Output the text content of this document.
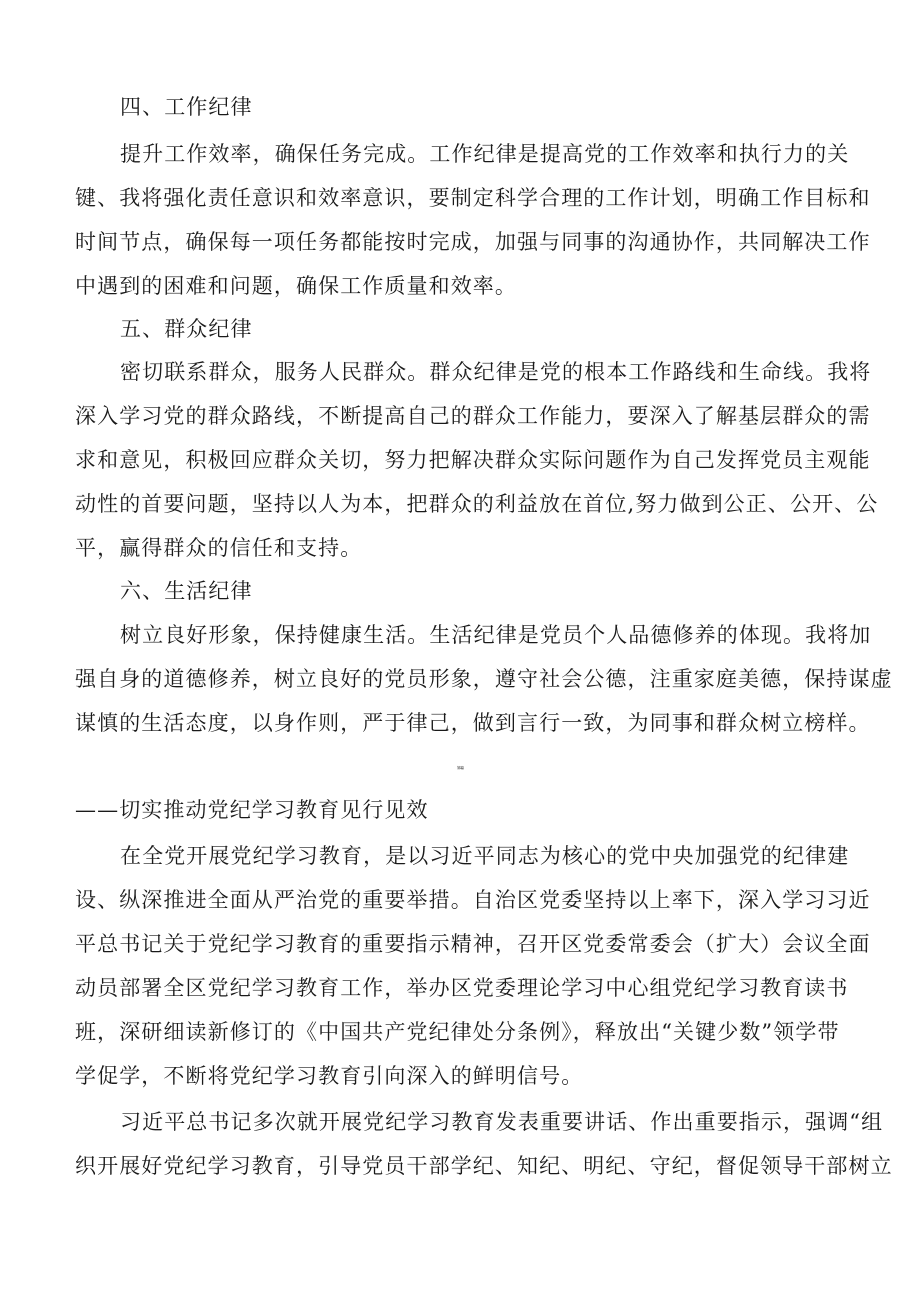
四、工作纪律
提升工作效率，确保任务完成。工作纪律是提高党的工作效率和执行力的关
键、我将强化责任意识和效率意识，要制定科学合理的工作计划，明确工作目标和
时间节点，确保每一项任务都能按时完成，加强与同事的沟通协作，共同解决工作
中遇到的困难和问题，确保工作质量和效率。
五、群众纪律
密切联系群众，服务人民群众。群众纪律是党的根本工作路线和生命线。我将
深入学习党的群众路线，不断提高自己的群众工作能力，要深入了解基层群众的需
求和意见，积极回应群众关切，努力把解决群众实际问题作为自己发挥党员主观能
动性的首要问题，坚持以人为本，把群众的利益放在首位,努力做到公正、公开、公
平，赢得群众的信任和支持。
六、生活纪律
树立良好形象，保持健康生活。生活纪律是党员个人品德修养的体现。我将加
强自身的道德修养，树立良好的党员形象，遵守社会公德，注重家庭美德，保持谋虚
谋慎的生活态度，以身作则，严于律己，做到言行一致，为同事和群众树立榜样。
第2篇
——切实推动党纪学习教育见行见效
在全党开展党纪学习教育，是以习近平同志为核心的党中央加强党的纪律建
设、纵深推进全面从严治党的重要举措。自治区党委坚持以上率下，深入学习习近
平总书记关于党纪学习教育的重要指示精神，召开区党委常委会（扩大）会议全面
动员部署全区党纪学习教育工作，举办区党委理论学习中心组党纪学习教育读书
班，深研细读新修订的《中国共产党纪律处分条例》，释放出“关键少数”领学带
学促学，不断将党纪学习教育引向深入的鲜明信号。
习近平总书记多次就开展党纪学习教育发表重要讲话、作出重要指示，强调“组
织开展好党纪学习教育，引导党员干部学纪、知纪、明纪、守纪，督促领导干部树立
